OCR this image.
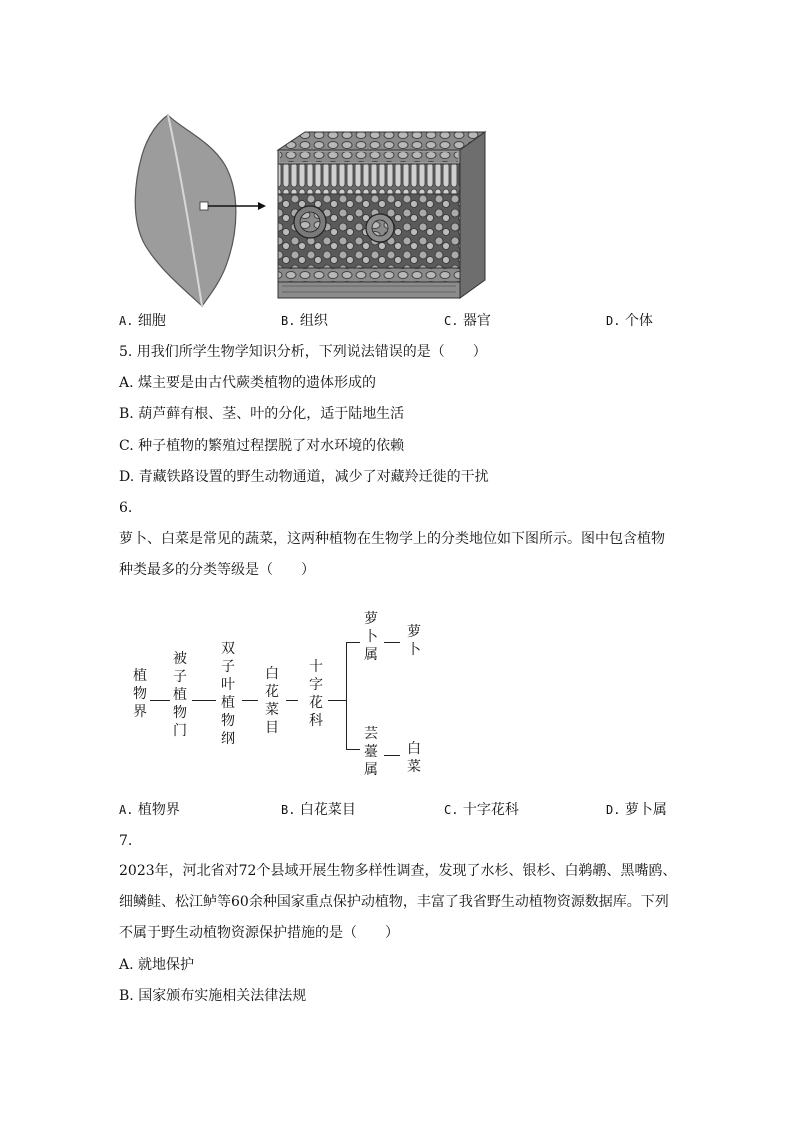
A. 细胞	B. 组织	C. 器官	D. 个体
5. 用我们所学生物学知识分析，下列说法错误的是（　　）
A. 煤主要是由古代蕨类植物的遗体形成的
B. 葫芦藓有根、茎、叶的分化，适于陆地生活
C. 种子植物的繁殖过程摆脱了对水环境的依赖
D. 青藏铁路设置的野生动物通道，减少了对藏羚迁徙的干扰
6.
萝卜、白菜是常见的蔬菜，这两种植物在生物学上的分类地位如下图所示。图中包含植物
种类最多的分类等级是（　　）
植物界
被子植物门
双子叶植物纲
白花菜目
十字花科
萝卜属
萝卜
芸薹属
白菜
A. 植物界	B. 白花菜目	C. 十字花科	D. 萝卜属
7.
2023年，河北省对72个县域开展生物多样性调查，发现了水杉、银杉、白鹈鹕、黑嘴鸥、
细鳞鲑、松江鲈等60余种国家重点保护动植物，丰富了我省野生动植物资源数据库。下列
不属于野生动植物资源保护措施的是（　　）
A. 就地保护
B. 国家颁布实施相关法律法规
